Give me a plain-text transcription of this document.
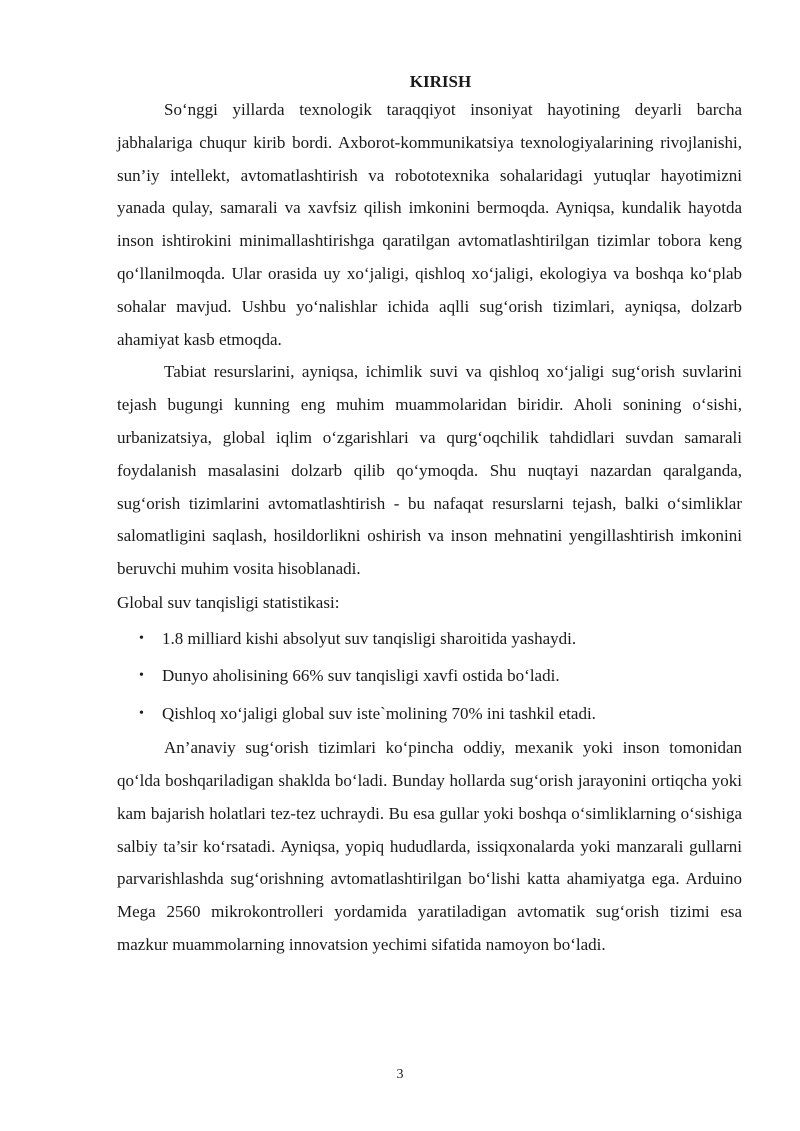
KIRISH

So‘nggi yillarda texnologik taraqqiyot insoniyat hayotining deyarli barcha jabhalariga chuqur kirib bordi. Axborot-kommunikatsiya texnologiyalarining rivojlanishi, sun’iy intellekt, avtomatlashtirish va robototexnika sohalaridagi yutuqlar hayotimizni yanada qulay, samarali va xavfsiz qilish imkonini bermoqda. Ayniqsa, kundalik hayotda inson ishtirokini minimallashtirishga qaratilgan avtomatlashtirilgan tizimlar tobora keng qo‘llanilmoqda. Ular orasida uy xo‘jaligi, qishloq xo‘jaligi, ekologiya va boshqa ko‘plab sohalar mavjud. Ushbu yo‘nalishlar ichida aqlli sug‘orish tizimlari, ayniqsa, dolzarb ahamiyat kasb etmoqda.

Tabiat resurslarini, ayniqsa, ichimlik suvi va qishloq xo‘jaligi sug‘orish suvlarini tejash bugungi kunning eng muhim muammolaridan biridir. Aholi sonining o‘sishi, urbanizatsiya, global iqlim o‘zgarishlari va qurg‘oqchilik tahdidlari suvdan samarali foydalanish masalasini dolzarb qilib qo‘ymoqda. Shu nuqtayi nazardan qaralganda, sug‘orish tizimlarini avtomatlashtirish - bu nafaqat resurslarni tejash, balki o‘simliklar salomatligini saqlash, hosildorlikni oshirish va inson mehnatini yengillashtirish imkonini beruvchi muhim vosita hisoblanadi.

Global suv tanqisligi statistikasi:

• 1.8 milliard kishi absolyut suv tanqisligi sharoitida yashaydi.
• Dunyo aholisining 66% suv tanqisligi xavfi ostida bo‘ladi.
• Qishloq xo‘jaligi global suv iste`molining 70% ini tashkil etadi.

An’anaviy sug‘orish tizimlari ko‘pincha oddiy, mexanik yoki inson tomonidan qo‘lda boshqariladigan shaklda bo‘ladi. Bunday hollarda sug‘orish jarayonini ortiqcha yoki kam bajarish holatlari tez-tez uchraydi. Bu esa gullar yoki boshqa o‘simliklarning o‘sishiga salbiy ta’sir ko‘rsatadi. Ayniqsa, yopiq hududlarda, issiqxonalarda yoki manzarali gullarni parvarishlashda sug‘orishning avtomatlashtirilgan bo‘lishi katta ahamiyatga ega. Arduino Mega 2560 mikrokontrolleri yordamida yaratiladigan avtomatik sug‘orish tizimi esa mazkur muammolarning innovatsion yechimi sifatida namoyon bo‘ladi.

3
